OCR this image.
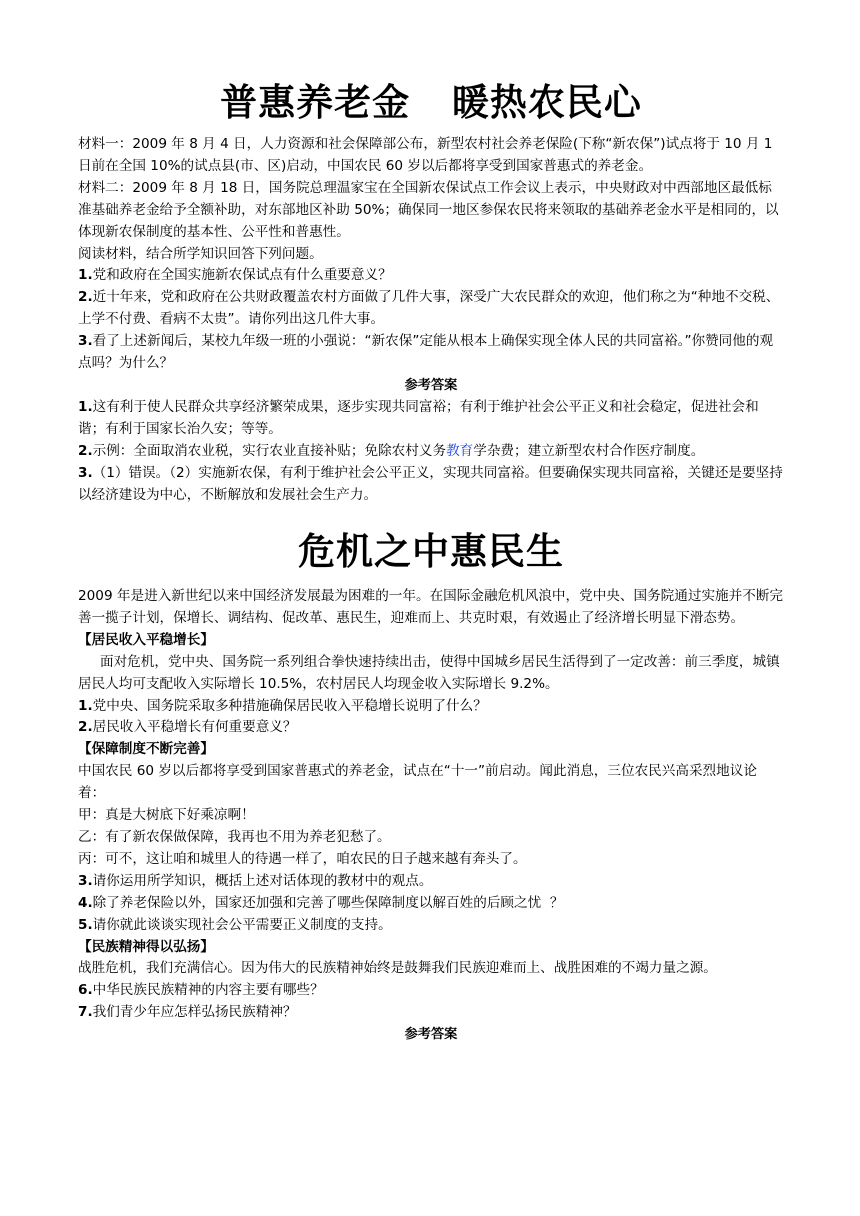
普惠养老金   暖热农民心

材料一：2009 年 8 月 4 日，人力资源和社会保障部公布，新型农村社会养老保险(下称“新农保”)试点将于 10 月 1 日前在全国 10%的试点县(市、区)启动，中国农民 60 岁以后都将享受到国家普惠式的养老金。

材料二：2009 年 8 月 18 日，国务院总理温家宝在全国新农保试点工作会议上表示，中央财政对中西部地区最低标准基础养老金给予全额补助，对东部地区补助 50%；确保同一地区参保农民将来领取的基础养老金水平是相同的，以体现新农保制度的基本性、公平性和普惠性。

阅读材料，结合所学知识回答下列问题。

1.党和政府在全国实施新农保试点有什么重要意义？

2.近十年来，党和政府在公共财政覆盖农村方面做了几件大事，深受广大农民群众的欢迎，他们称之为“种地不交税、上学不付费、看病不太贵”。请你列出这几件大事。

3.看了上述新闻后，某校九年级一班的小强说：“新农保”定能从根本上确保实现全体人民的共同富裕。”你赞同他的观点吗？为什么？

参考答案

1.这有利于使人民群众共享经济繁荣成果，逐步实现共同富裕；有利于维护社会公平正义和社会稳定，促进社会和谐；有利于国家长治久安；等等。

2.示例：全面取消农业税，实行农业直接补贴；免除农村义务教育学杂费；建立新型农村合作医疗制度。

3.（1）错误。（2）实施新农保，有利于维护社会公平正义，实现共同富裕。但要确保实现共同富裕，关键还是要坚持以经济建设为中心，不断解放和发展社会生产力。

危机之中惠民生

2009 年是进入新世纪以来中国经济发展最为困难的一年。在国际金融危机风浪中，党中央、国务院通过实施并不断完善一揽子计划，保增长、调结构、促改革、惠民生，迎难而上、共克时艰，有效遏止了经济增长明显下滑态势。

【居民收入平稳增长】

面对危机，党中央、国务院一系列组合拳快速持续出击，使得中国城乡居民生活得到了一定改善：前三季度，城镇居民人均可支配收入实际增长 10.5%，农村居民人均现金收入实际增长 9.2%。

1.党中央、国务院采取多种措施确保居民收入平稳增长说明了什么？

2.居民收入平稳增长有何重要意义？

【保障制度不断完善】

中国农民 60 岁以后都将享受到国家普惠式的养老金，试点在“十一”前启动。闻此消息，三位农民兴高采烈地议论着：

甲：真是大树底下好乘凉啊！

乙：有了新农保做保障，我再也不用为养老犯愁了。

丙：可不，这让咱和城里人的待遇一样了，咱农民的日子越来越有奔头了。

3.请你运用所学知识，概括上述对话体现的教材中的观点。

4.除了养老保险以外，国家还加强和完善了哪些保障制度以解百姓的后顾之忧  ？

5.请你就此谈谈实现社会公平需要正义制度的支持。

【民族精神得以弘扬】

战胜危机，我们充满信心。因为伟大的民族精神始终是鼓舞我们民族迎难而上、战胜困难的不竭力量之源。

6.中华民族民族精神的内容主要有哪些？

7.我们青少年应怎样弘扬民族精神？

参考答案
